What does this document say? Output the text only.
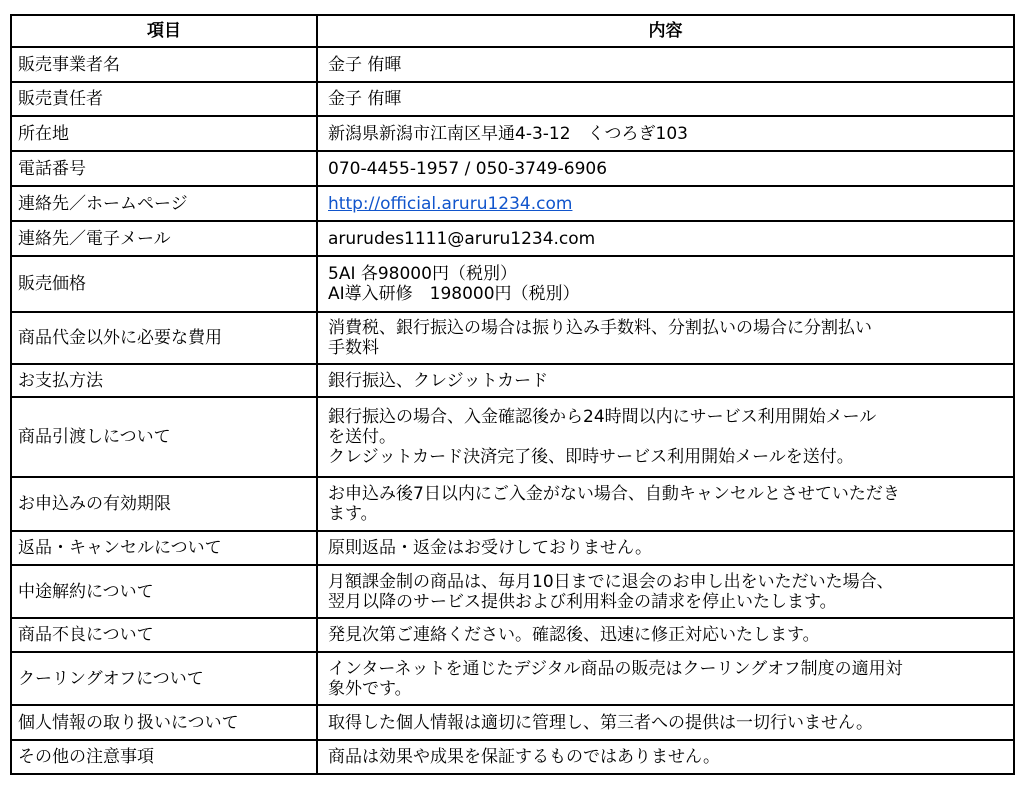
項目	内容
販売事業者名	金子 侑暉

販売責任者	金子 侑暉

所在地	新潟県新潟市江南区早通4-3-12　くつろぎ103

電話番号	070-4455-1957 / 050-3749-6906

連絡先／ホームページ	http://official.aruru1234.com

連絡先／電子メール	arurudes1111@aruru1234.com

販売価格	5AI 各98000円（税別）
AI導入研修　198000円（税別）

商品代金以外に必要な費用	消費税、銀行振込の場合は振り込み手数料、分割払いの場合に分割払い
手数料

お支払方法	銀行振込、クレジットカード

商品引渡しについて	銀行振込の場合、入金確認後から24時間以内にサービス利用開始メール
を送付。
クレジットカード決済完了後、即時サービス利用開始メールを送付。

お申込みの有効期限	お申込み後7日以内にご入金がない場合、自動キャンセルとさせていただき
ます。

返品・キャンセルについて	原則返品・返金はお受けしておりません。

中途解約について	月額課金制の商品は、毎月10日までに退会のお申し出をいただいた場合、
翌月以降のサービス提供および利用料金の請求を停止いたします。

商品不良について	発見次第ご連絡ください。確認後、迅速に修正対応いたします。

クーリングオフについて	インターネットを通じたデジタル商品の販売はクーリングオフ制度の適用対
象外です。

個人情報の取り扱いについて	取得した個人情報は適切に管理し、第三者への提供は一切行いません。

その他の注意事項	商品は効果や成果を保証するものではありません。
